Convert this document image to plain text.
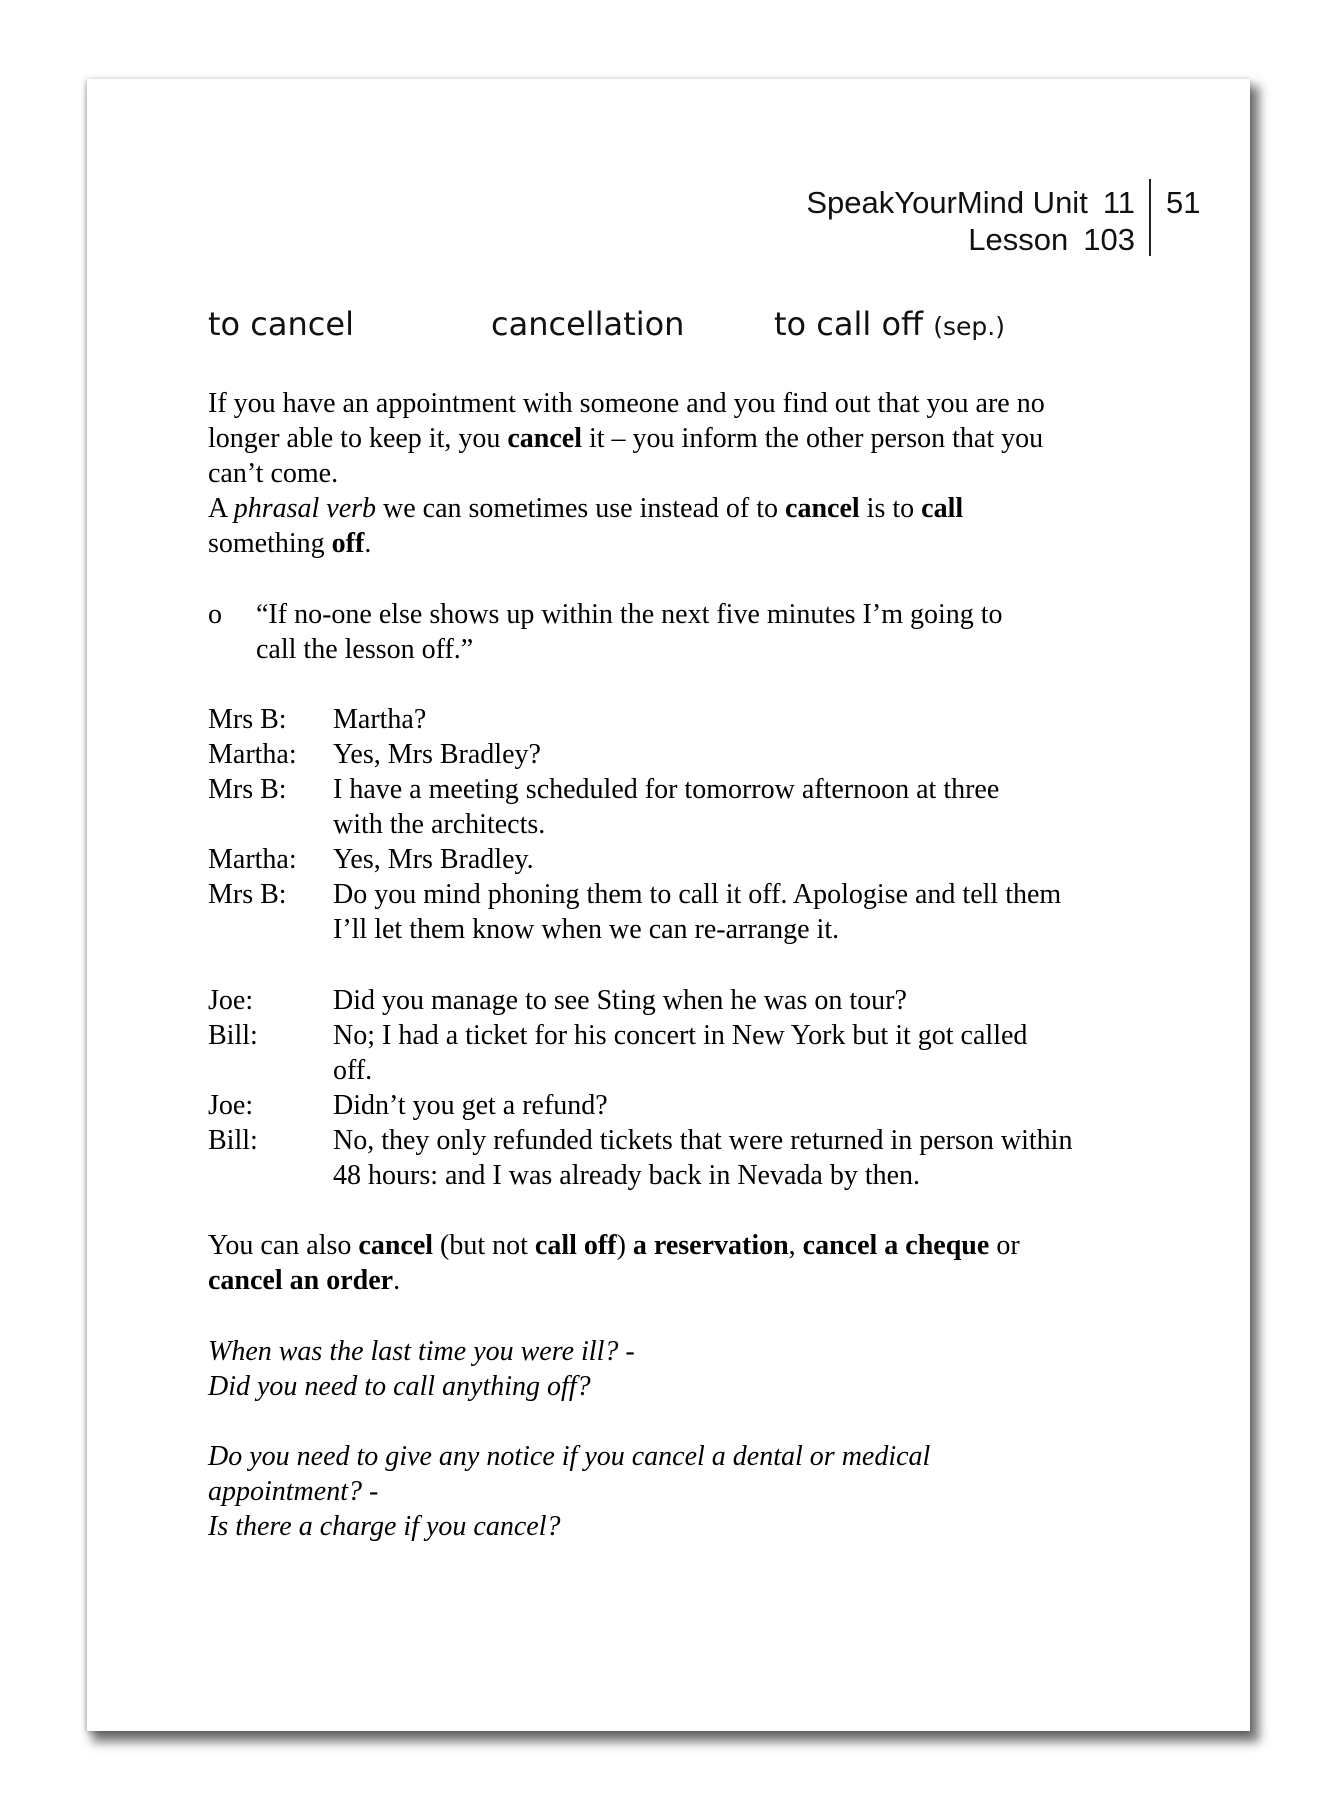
SpeakYourMind Unit 11
Lesson 103
51
to cancel	cancellation	to call off (sep.)
If you have an appointment with someone and you find out that you are no
longer able to keep it, you cancel it – you inform the other person that you
can’t come.
A phrasal verb we can sometimes use instead of to cancel is to call
something off.
o	“If no-one else shows up within the next five minutes I’m going to
call the lesson off.”
Mrs B:	Martha?
Martha:	Yes, Mrs Bradley?
Mrs B:	I have a meeting scheduled for tomorrow afternoon at three
with the architects.
Martha:	Yes, Mrs Bradley.
Mrs B:	Do you mind phoning them to call it off. Apologise and tell them
I’ll let them know when we can re-arrange it.
Joe:	Did you manage to see Sting when he was on tour?
Bill:	No; I had a ticket for his concert in New York but it got called
off.
Joe:	Didn’t you get a refund?
Bill:	No, they only refunded tickets that were returned in person within
48 hours: and I was already back in Nevada by then.
You can also cancel (but not call off) a reservation, cancel a cheque or
cancel an order.
When was the last time you were ill? -
Did you need to call anything off?
Do you need to give any notice if you cancel a dental or medical
appointment? -
Is there a charge if you cancel?
